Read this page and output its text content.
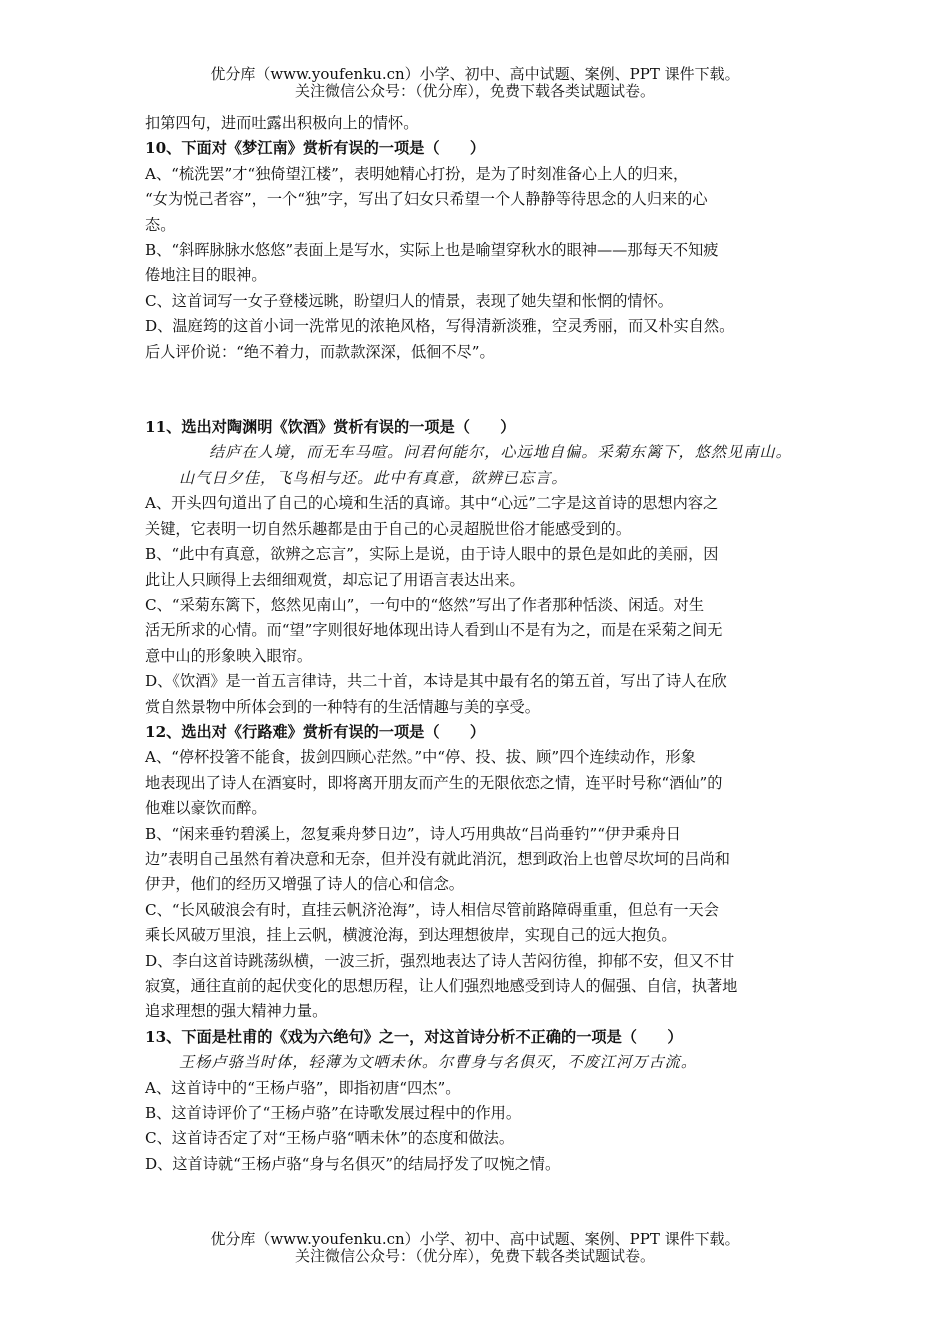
优分库（www.youfenku.cn）小学、初中、高中试题、案例、PPT 课件下载。
关注微信公众号：（优分库），免费下载各类试题试卷。
扣第四句，进而吐露出积极向上的情怀。
10、下面对《梦江南》赏析有误的一项是（　　）
A、“梳洗罢”才“独倚望江楼”，表明她精心打扮，是为了时刻准备心上人的归来，
“女为悦己者容”，一个“独”字，写出了妇女只希望一个人静静等待思念的人归来的心
态。
B、“斜晖脉脉水悠悠”表面上是写水，实际上也是喻望穿秋水的眼神——那每天不知疲
倦地注目的眼神。
C、这首词写一女子登楼远眺，盼望归人的情景，表现了她失望和怅惘的情怀。
D、温庭筠的这首小词一洗常见的浓艳风格，写得清新淡雅，空灵秀丽，而又朴实自然。
后人评价说：“绝不着力，而款款深深，低徊不尽”。
11、选出对陶渊明《饮酒》赏析有误的一项是（　　）
结庐在人境，而无车马喧。问君何能尔，心远地自偏。采菊东篱下，悠然见南山。
山气日夕佳，飞鸟相与还。此中有真意，欲辨已忘言。
A、开头四句道出了自己的心境和生活的真谛。其中“心远”二字是这首诗的思想内容之
关键，它表明一切自然乐趣都是由于自己的心灵超脱世俗才能感受到的。
B、“此中有真意，欲辨之忘言”，实际上是说，由于诗人眼中的景色是如此的美丽，因
此让人只顾得上去细细观赏，却忘记了用语言表达出来。
C、“采菊东篱下，悠然见南山”，一句中的“悠然”写出了作者那种恬淡、闲适。对生
活无所求的心情。而“望”字则很好地体现出诗人看到山不是有为之，而是在采菊之间无
意中山的形象映入眼帘。
D、《饮酒》是一首五言律诗，共二十首，本诗是其中最有名的第五首，写出了诗人在欣
赏自然景物中所体会到的一种特有的生活情趣与美的享受。
12、选出对《行路难》赏析有误的一项是（　　）
A、“停杯投箸不能食，拔剑四顾心茫然。”中“停、投、拔、顾”四个连续动作，形象
地表现出了诗人在酒宴时，即将离开朋友而产生的无限依恋之情，连平时号称“酒仙”的
他难以豪饮而醉。
B、“闲来垂钓碧溪上，忽复乘舟梦日边”，诗人巧用典故“吕尚垂钓”“伊尹乘舟日
边”表明自己虽然有着决意和无奈，但并没有就此消沉，想到政治上也曾尽坎坷的吕尚和
伊尹，他们的经历又增强了诗人的信心和信念。
C、“长风破浪会有时，直挂云帆济沧海”，诗人相信尽管前路障碍重重，但总有一天会
乘长风破万里浪，挂上云帆，横渡沧海，到达理想彼岸，实现自己的远大抱负。
D、李白这首诗跳荡纵横，一波三折，强烈地表达了诗人苦闷彷徨，抑郁不安，但又不甘
寂寞，通往直前的起伏变化的思想历程，让人们强烈地感受到诗人的倔强、自信，执著地
追求理想的强大精神力量。
13、下面是杜甫的《戏为六绝句》之一，对这首诗分析不正确的一项是（　　）
王杨卢骆当时体，轻薄为文哂未休。尔曹身与名俱灭，不废江河万古流。
A、这首诗中的“王杨卢骆”，即指初唐“四杰”。
B、这首诗评价了“王杨卢骆”在诗歌发展过程中的作用。
C、这首诗否定了对“王杨卢骆“哂未休”的态度和做法。
D、这首诗就“王杨卢骆“身与名俱灭”的结局抒发了叹惋之情。
优分库（www.youfenku.cn）小学、初中、高中试题、案例、PPT 课件下载。
关注微信公众号：（优分库），免费下载各类试题试卷。
